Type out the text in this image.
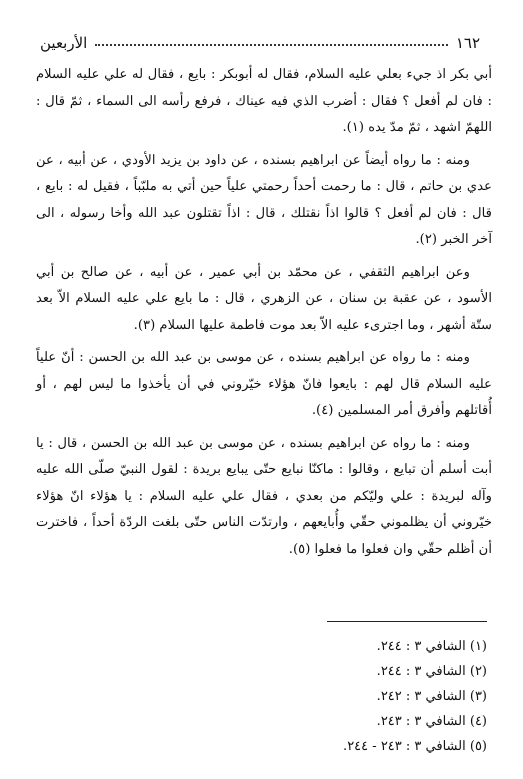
١٦٢
الأربعين

أبي بكر اذ جيء بعلي عليه السلام، فقال له أبوبكر : بايع ، فقال له علي عليه السلام : فان لم أفعل ؟ فقال : أضرب الذي فيه عيناك ، فرفع رأسه الى السماء ، ثمّ قال : اللهمّ اشهد ، ثمّ مدّ يده (١).

ومنه : ما رواه أيضاً عن ابراهيم بسنده ، عن داود بن يزيد الأودي ، عن أبيه ، عن عدي بن حاتم ، قال : ما رحمت أحداً رحمتي علياً حين أتي به ملبّباً ، فقيل له : بايع ، قال : فان لم أفعل ؟ قالوا اذاً نقتلك ، قال : اذاً تقتلون عبد الله وأخا رسوله ، الى آخر الخبر (٢).

وعن ابراهيم الثقفي ، عن محمّد بن أبي عمير ، عن أبيه ، عن صالح بن أبي الأسود ، عن عقبة بن سنان ، عن الزهري ، قال : ما بايع علي عليه السلام الاّ بعد ستّة أشهر ، وما اجترىء عليه الاّ بعد موت فاطمة عليها السلام (٣).

ومنه : ما رواه عن ابراهيم بسنده ، عن موسى بن عبد الله بن الحسن : أنّ علياً عليه السلام قال لهم : بايعوا فانّ هؤلاء خيّروني في أن يأخذوا ما ليس لهم ، أو أُقاتلهم وأفرق أمر المسلمين (٤).

ومنه : ما رواه عن ابراهيم بسنده ، عن موسى بن عبد الله بن الحسن ، قال : يا أبت أسلم أن تبايع ، وقالوا : ماكنّا نبايع حتّى يبايع بريدة : لقول النبيّ صلّى الله عليه وآله لبريدة : علي وليّكم من بعدي ، فقال علي عليه السلام : يا هؤلاء انّ هؤلاء خيّروني أن يظلموني حقّي وأُبايعهم ، وارتدّت الناس حتّى بلغت الردّة أحداً ، فاخترت أن أظلم حقّي وان فعلوا ما فعلوا (٥).

(١) الشافي ٣ : ٢٤٤.
(٢) الشافي ٣ : ٢٤٤.
(٣) الشافي ٣ : ٢٤٢.
(٤) الشافي ٣ : ٢٤٣.
(٥) الشافي ٣ : ٢٤٣ - ٢٤٤.
